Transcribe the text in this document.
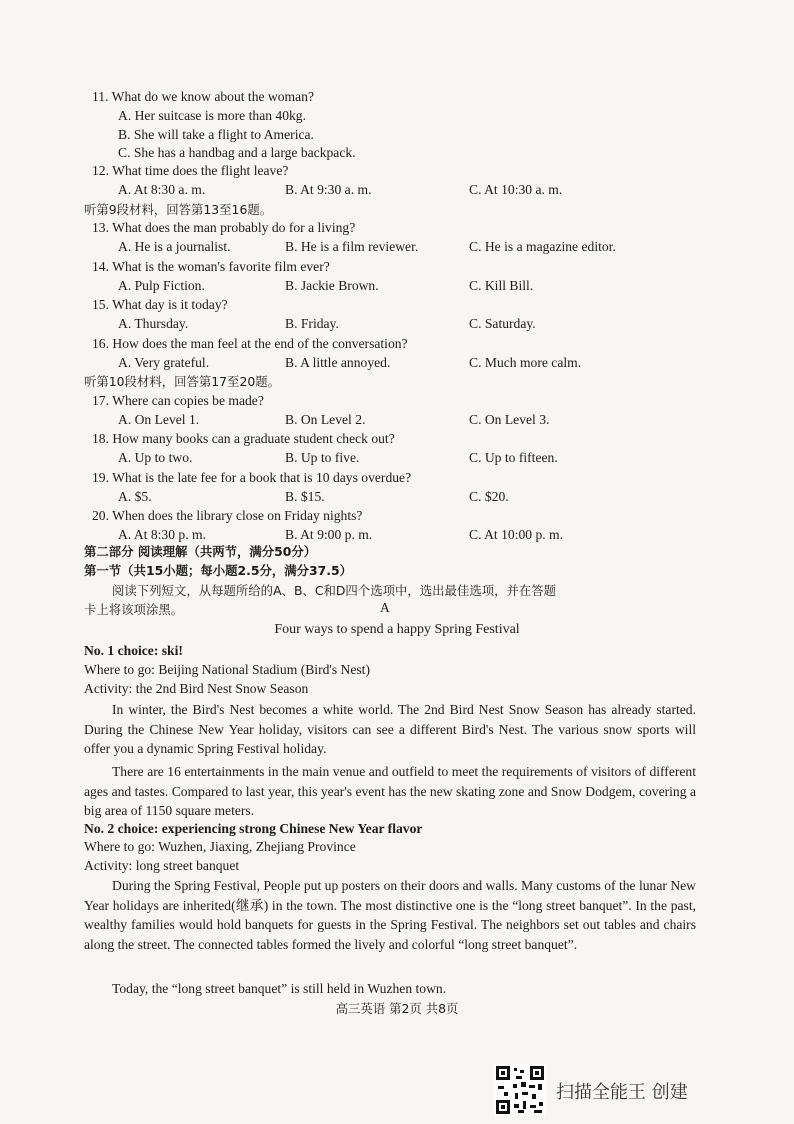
11. What do we know about the woman?
A. Her suitcase is more than 40kg.
B. She will take a flight to America.
C. She has a handbag and a large backpack.
12. What time does the flight leave?
A. At 8:30 a. m.	B. At 9:30 a. m.	C. At 10:30 a. m.
听第9段材料，回答第13至16题。
13. What does the man probably do for a living?
A. He is a journalist.	B. He is a film reviewer.	C. He is a magazine editor.
14. What is the woman's favorite film ever?
A. Pulp Fiction.	B. Jackie Brown.	C. Kill Bill.
15. What day is it today?
A. Thursday.	B. Friday.	C. Saturday.
16. How does the man feel at the end of the conversation?
A. Very grateful.	B. A little annoyed.	C. Much more calm.
听第10段材料，回答第17至20题。
17. Where can copies be made?
A. On Level 1.	B. On Level 2.	C. On Level 3.
18. How many books can a graduate student check out?
A. Up to two.	B. Up to five.	C. Up to fifteen.
19. What is the late fee for a book that is 10 days overdue?
A. $5.	B. $15.	C. $20.
20. When does the library close on Friday nights?
A. At 8:30 p. m.	B. At 9:00 p. m.	C. At 10:00 p. m.
第二部分 阅读理解（共两节，满分50分）
第一节（共15小题；每小题2.5分，满分37.5）
阅读下列短文，从每题所给的A、B、C和D四个选项中，选出最佳选项，并在答题
卡上将该项涂黑。	A
Four ways to spend a happy Spring Festival
No. 1 choice: ski!
Where to go: Beijing National Stadium (Bird's Nest)
Activity: the 2nd Bird Nest Snow Season
In winter, the Bird's Nest becomes a white world. The 2nd Bird Nest Snow Season has already started. During the Chinese New Year holiday, visitors can see a different Bird's Nest. The various snow sports will offer you a dynamic Spring Festival holiday.
There are 16 entertainments in the main venue and outfield to meet the requirements of visitors of different ages and tastes. Compared to last year, this year's event has the new skating zone and Snow Dodgem, covering a big area of 1150 square meters.
No. 2 choice: experiencing strong Chinese New Year flavor
Where to go: Wuzhen, Jiaxing, Zhejiang Province
Activity: long street banquet
During the Spring Festival, People put up posters on their doors and walls. Many customs of the lunar New Year holidays are inherited(继承) in the town. The most distinctive one is the “long street banquet”. In the past, wealthy families would hold banquets for guests in the Spring Festival. The neighbors set out tables and chairs along the street. The connected tables formed the lively and colorful “long street banquet”.
Today, the “long street banquet” is still held in Wuzhen town.
高三英语 第2页 共8页
扫描全能王 创建
